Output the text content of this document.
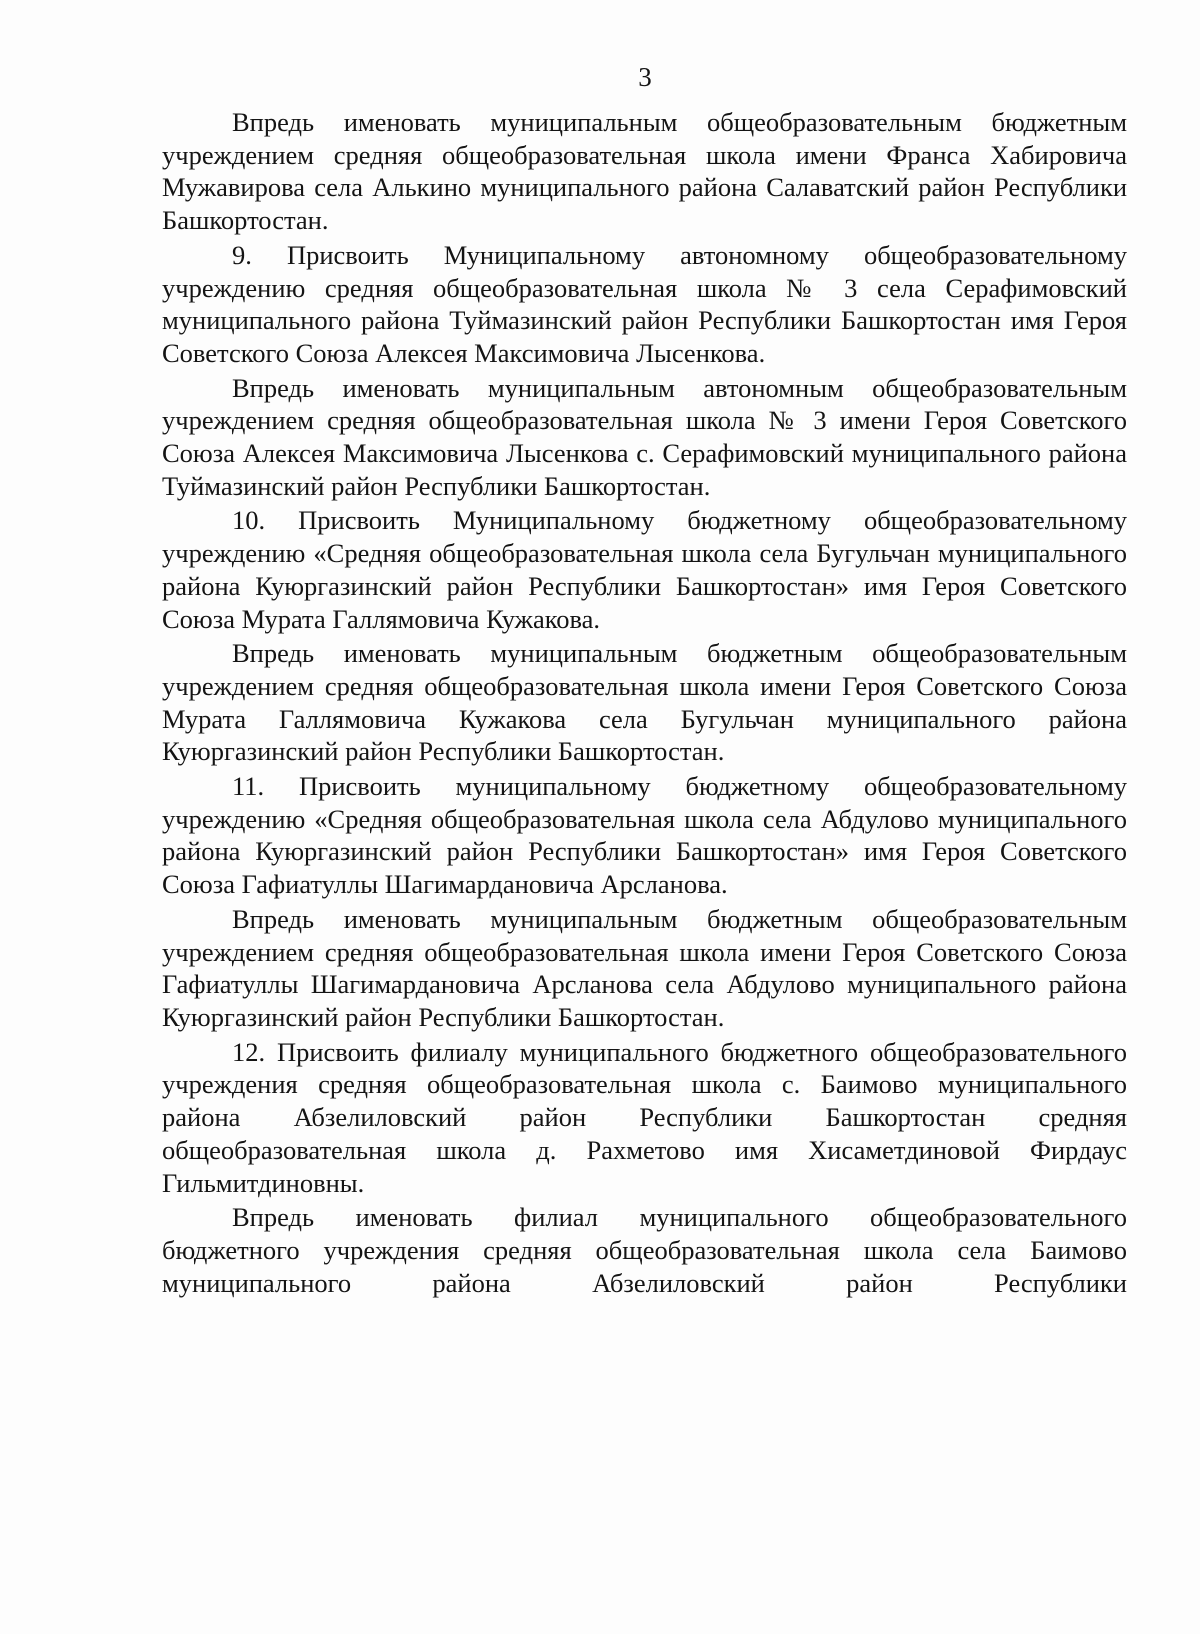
3

Впредь именовать муниципальным общеобразовательным бюджетным учреждением средняя общеобразовательная школа имени Франса Хабировича Мужавирова села Алькино муниципального района Салаватский район Республики Башкортостан.

9. Присвоить Муниципальному автономному общеобразовательному учреждению средняя общеобразовательная школа № 3 села Серафимовский муниципального района Туймазинский район Республики Башкортостан имя Героя Советского Союза Алексея Максимовича Лысенкова.

Впредь именовать муниципальным автономным общеобразовательным учреждением средняя общеобразовательная школа № 3 имени Героя Советского Союза Алексея Максимовича Лысенкова с. Серафимовский муниципального района Туймазинский район Республики Башкортостан.

10. Присвоить Муниципальному бюджетному общеобразовательному учреждению «Средняя общеобразовательная школа села Бугульчан муниципального района Куюргазинский район Республики Башкортостан» имя Героя Советского Союза Мурата Галлямовича Кужакова.

Впредь именовать муниципальным бюджетным общеобразовательным учреждением средняя общеобразовательная школа имени Героя Советского Союза Мурата Галлямовича Кужакова села Бугульчан муниципального района Куюргазинский район Республики Башкортостан.

11. Присвоить муниципальному бюджетному общеобразовательному учреждению «Средняя общеобразовательная школа села Абдулово муниципального района Куюргазинский район Республики Башкортостан» имя Героя Советского Союза Гафиатуллы Шагимардановича Арсланова.

Впредь именовать муниципальным бюджетным общеобразовательным учреждением средняя общеобразовательная школа имени Героя Советского Союза Гафиатуллы Шагимардановича Арсланова села Абдулово муниципального района Куюргазинский район Республики Башкортостан.

12. Присвоить филиалу муниципального бюджетного общеобразовательного учреждения средняя общеобразовательная школа с. Баимово муниципального района Абзелиловский район Республики Башкортостан средняя общеобразовательная школа д. Рахметово имя Хисаметдиновой Фирдаус Гильмитдиновны.

Впредь именовать филиал муниципального общеобразовательного бюджетного учреждения средняя общеобразовательная школа села Баимово муниципального района Абзелиловский район Республики
